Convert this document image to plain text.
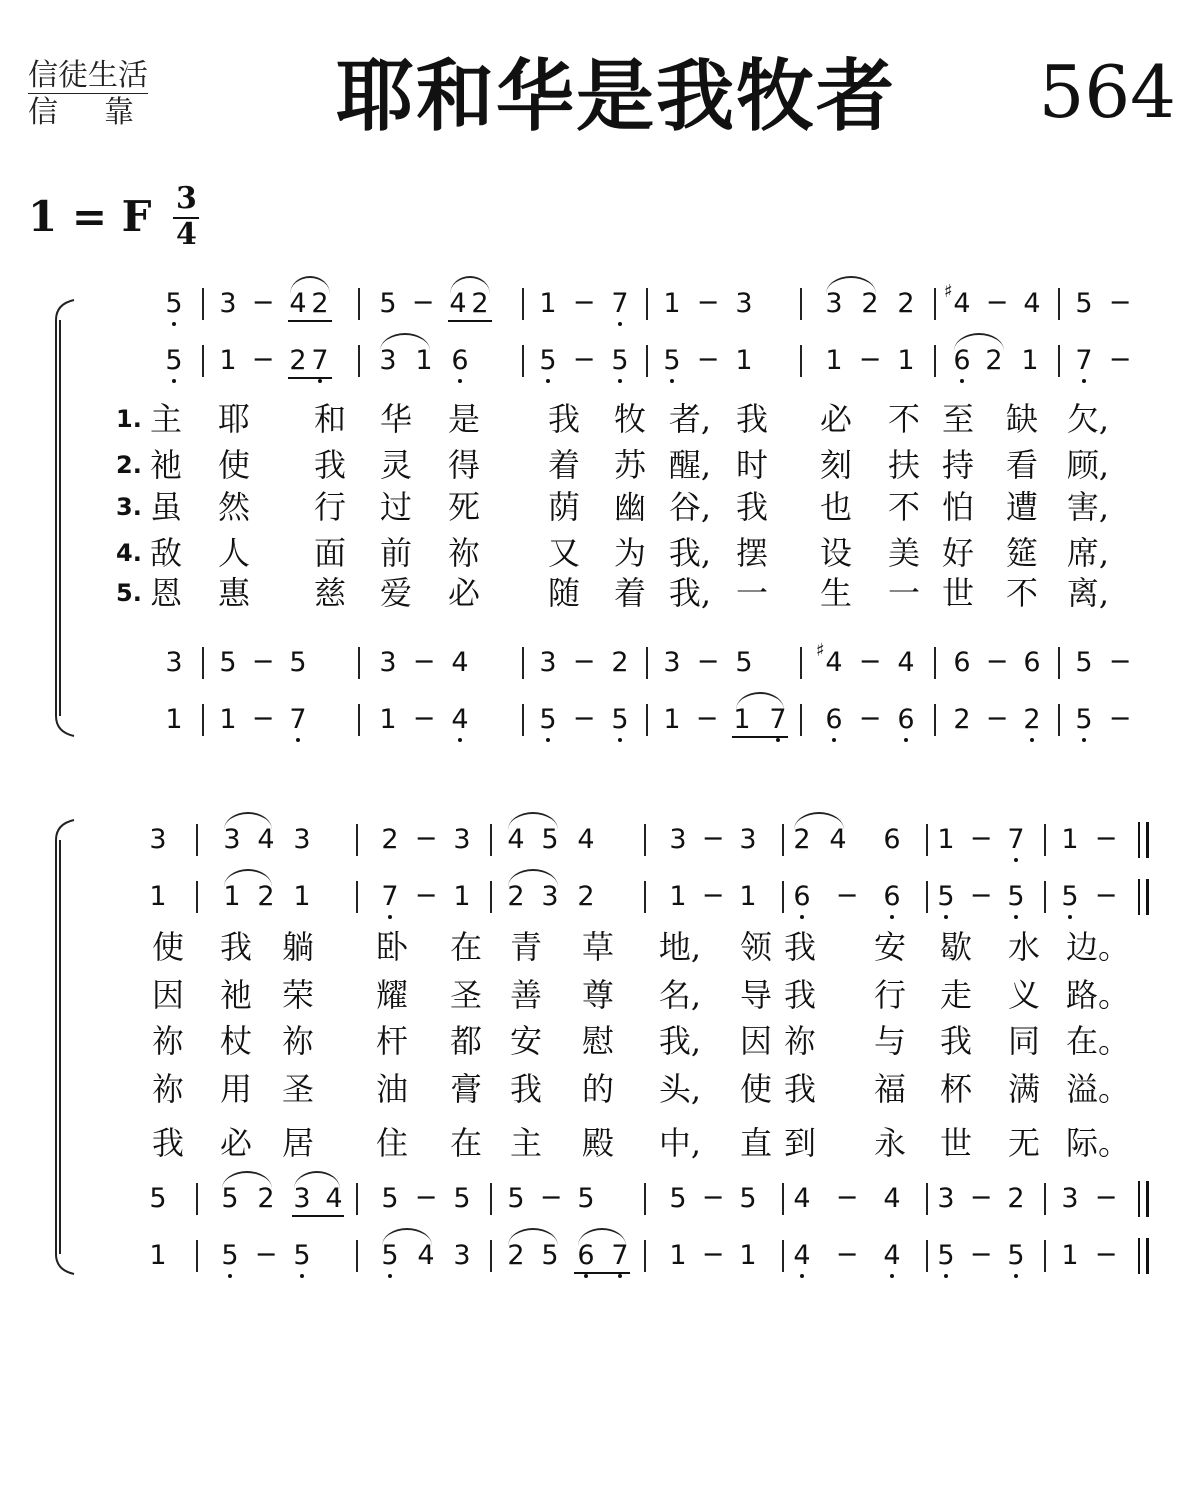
信徒生活
信靠 耶和华是我牧者 564
1 = F 3
4
5 3 − 4 2 5 − 4 2 1 − 7 1 − 3	3 2 2 4
♯ − 4 5 −
5 1 − 2 7 3 1 6	5 − 5 5 − 1	1 − 1 6 2 1 7 −
3 5 − 5	3 − 4	3 − 2 3 − 5	4
♯ − 4 6 − 6 5 −
1 1 − 7	1 − 4	5 − 5 1 − 1 7 6 − 6 2 − 2 5 −
1. 主 耶 和 华 是 我 牧 者, 我 必 不 至 缺 欠,
2. 祂 使 我 灵 得 着 苏 醒, 时 刻 扶 持 看 顾,
3. 虽 然 行 过 死 荫 幽 谷, 我 也 不 怕 遭 害,
4. 敌 人 面 前 祢 又 为 我, 摆 设 美 好 筵 席,
5. 恩 惠 慈 爱 必 随 着 我, 一 生 一 世 不 离,
3 3 4 3	2 − 3 4 5 4	3 − 3 2 4 6 1 − 7 1 −
1 1 2 1	7 − 1 2 3 2	1 − 1 6 − 6 5 − 5 5 −
5 5 2 3 4 5 − 5 5 − 5	5 − 5 4 − 4 3 − 2 3 −
1 5 − 5	5 4 3 2 5 6 7 1 − 1 4 − 4 5 − 5 1 −
使 我 躺 卧 在 青 草 地, 领 我 安 歇 水 边。
因 祂 荣 耀 圣 善 尊 名, 导 我 行 走 义 路。
祢 杖 祢 杆 都 安 慰 我, 因 祢 与 我 同 在。
祢 用 圣 油 膏 我 的 头, 使 我 福 杯 满 溢。
我 必 居 住 在 主 殿 中, 直 到 永 世 无 际。
